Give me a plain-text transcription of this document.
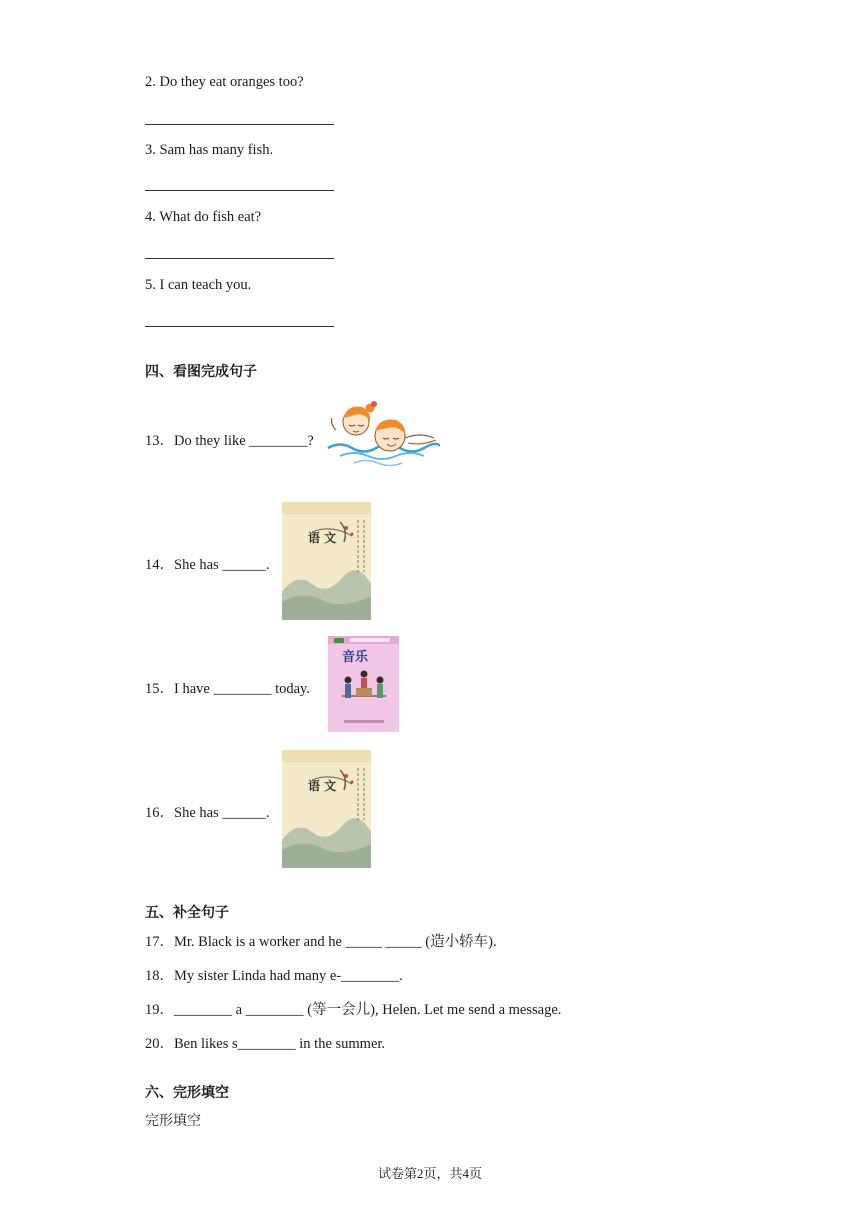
2. Do they eat oranges too?
3. Sam has many fish.
4. What do fish eat?
5. I can teach you.
四、看图完成句子
13．Do they like ________?
14．She has ______.
语 文
15．I have ________ today.
音乐
16．She has ______.
语 文
五、补全句子
17．Mr. Black is a worker and he _____ _____ (造小轿车).
18．My sister Linda had many e-________.
19．________ a ________ (等一会儿), Helen. Let me send a message.
20．Ben likes s________ in the summer.
六、完形填空
完形填空
试卷第2页，共4页
